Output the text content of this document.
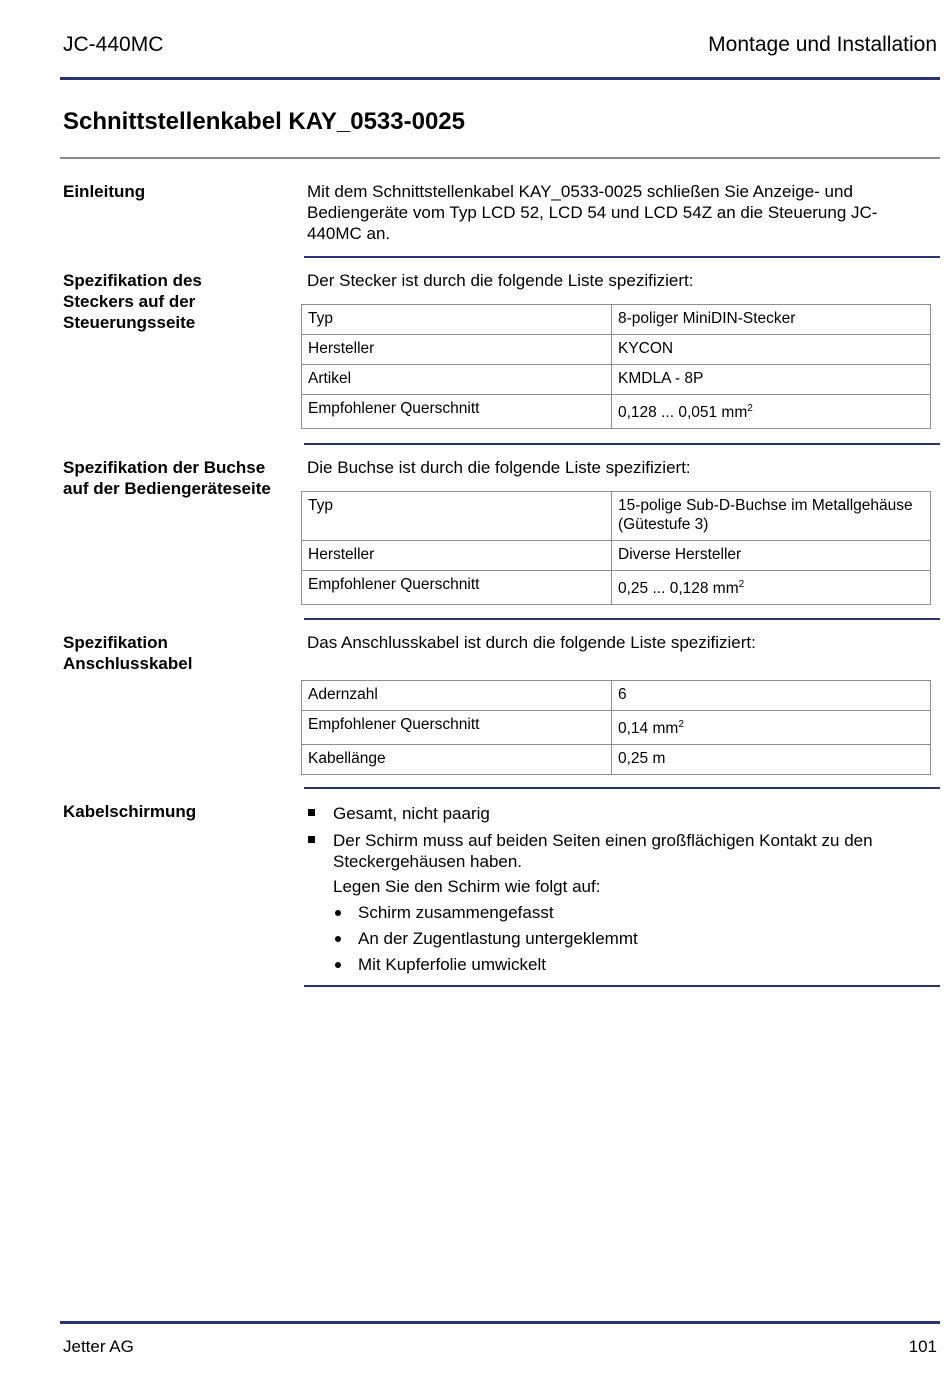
JC-440MC	Montage und Installation
Schnittstellenkabel KAY_0533-0025
Einleitung	Mit dem Schnittstellenkabel KAY_0533-0025 schließen Sie Anzeige- und Bediengeräte vom Typ LCD 52, LCD 54 und LCD 54Z an die Steuerung JC-440MC an.
Spezifikation des Steckers auf der Steuerungsseite
Der Stecker ist durch die folgende Liste spezifiziert:
Typ	8-poliger MiniDIN-Stecker
Hersteller	KYCON
Artikel	KMDLA - 8P
Empfohlener Querschnitt	0,128 ... 0,051 $mm^2$
Spezifikation der Buchse auf der Bediengeräteseite
Die Buchse ist durch die folgende Liste spezifiziert:
Typ	15-polige Sub-D-Buchse im Metallgehäuse (Gütestufe 3)
Hersteller	Diverse Hersteller
Empfohlener Querschnitt	0,25 ... 0,128 $mm^2$
Spezifikation Anschlusskabel
Das Anschlusskabel ist durch die folgende Liste spezifiziert:
Adernzahl	6
Empfohlener Querschnitt	0,14 $mm^2$
Kabellänge	0,25 m
Kabelschirmung	Gesamt, nicht paarig
Der Schirm muss auf beiden Seiten einen großflächigen Kontakt zu den Steckergehäusen haben.

Legen Sie den Schirm wie folgt auf:

Schirm zusammengefasst
An der Zugentlastung untergeklemmt
Mit Kupferfolie umwickelt
Jetter AG	101
